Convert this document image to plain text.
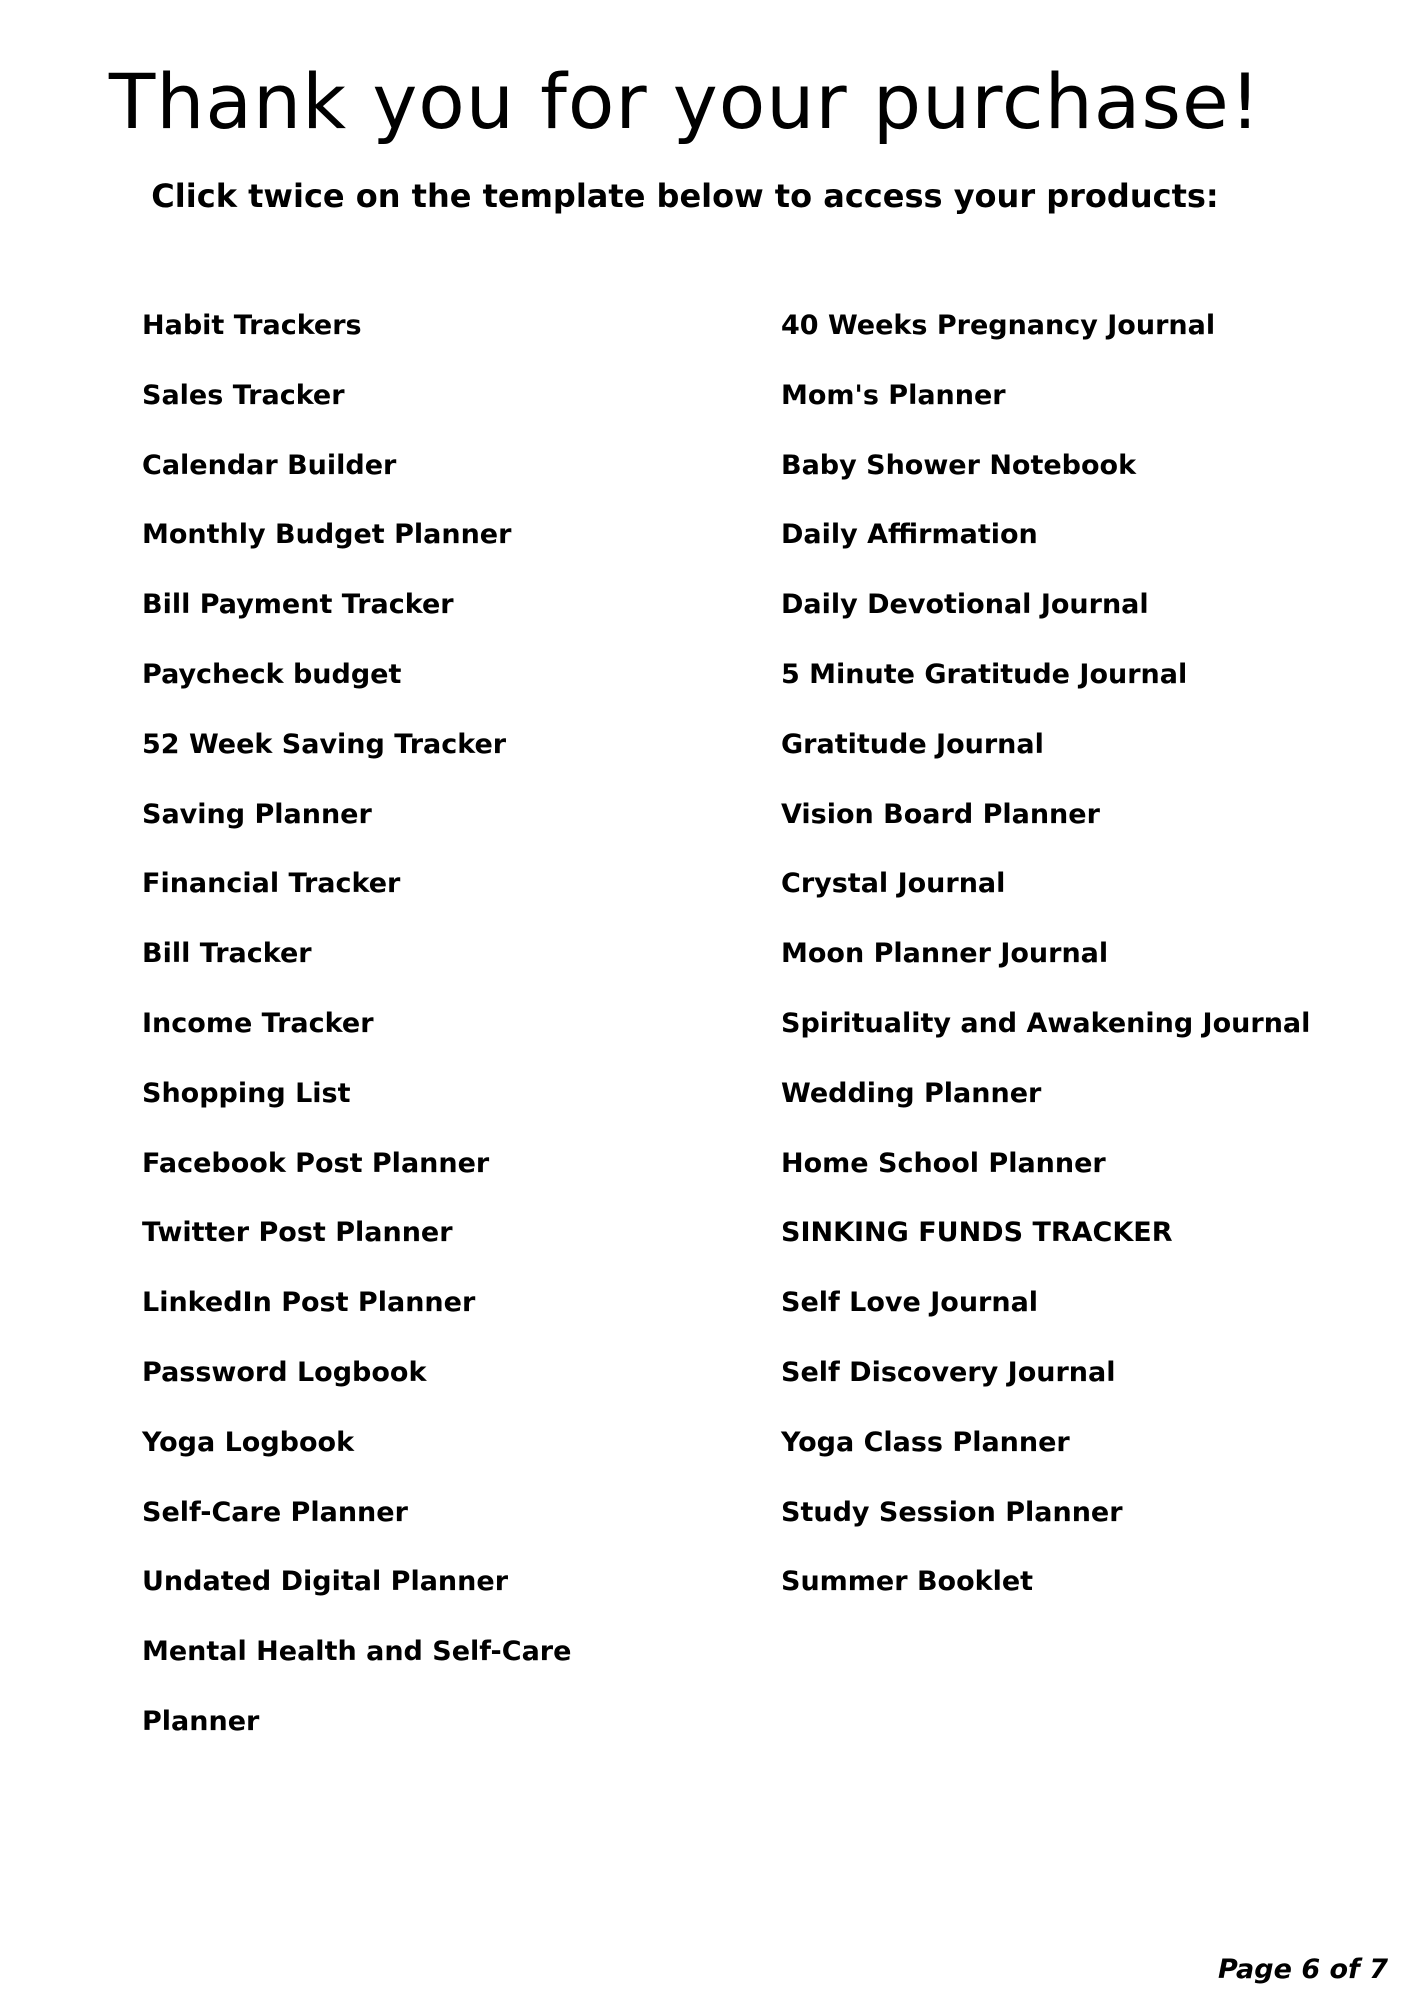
Thank you for your purchase!

Click twice on the template below to access your products:

Habit Trackers
Sales Tracker
Calendar Builder
Monthly Budget Planner
Bill Payment Tracker
Paycheck budget
52 Week Saving Tracker
Saving Planner
Financial Tracker
Bill Tracker
Income Tracker
Shopping List
Facebook Post Planner
Twitter Post Planner
LinkedIn Post Planner
Password Logbook
Yoga Logbook
Self-Care Planner
Undated Digital Planner
Mental Health and Self-Care
Planner
40 Weeks Pregnancy Journal
Mom's Planner
Baby Shower Notebook
Daily Affirmation
Daily Devotional Journal
5 Minute Gratitude Journal
Gratitude Journal
Vision Board Planner
Crystal Journal
Moon Planner Journal
Spirituality and Awakening Journal
Wedding Planner
Home School Planner
SINKING FUNDS TRACKER
Self Love Journal
Self Discovery Journal
Yoga Class Planner
Study Session Planner
Summer Booklet
Page 6 of 7
